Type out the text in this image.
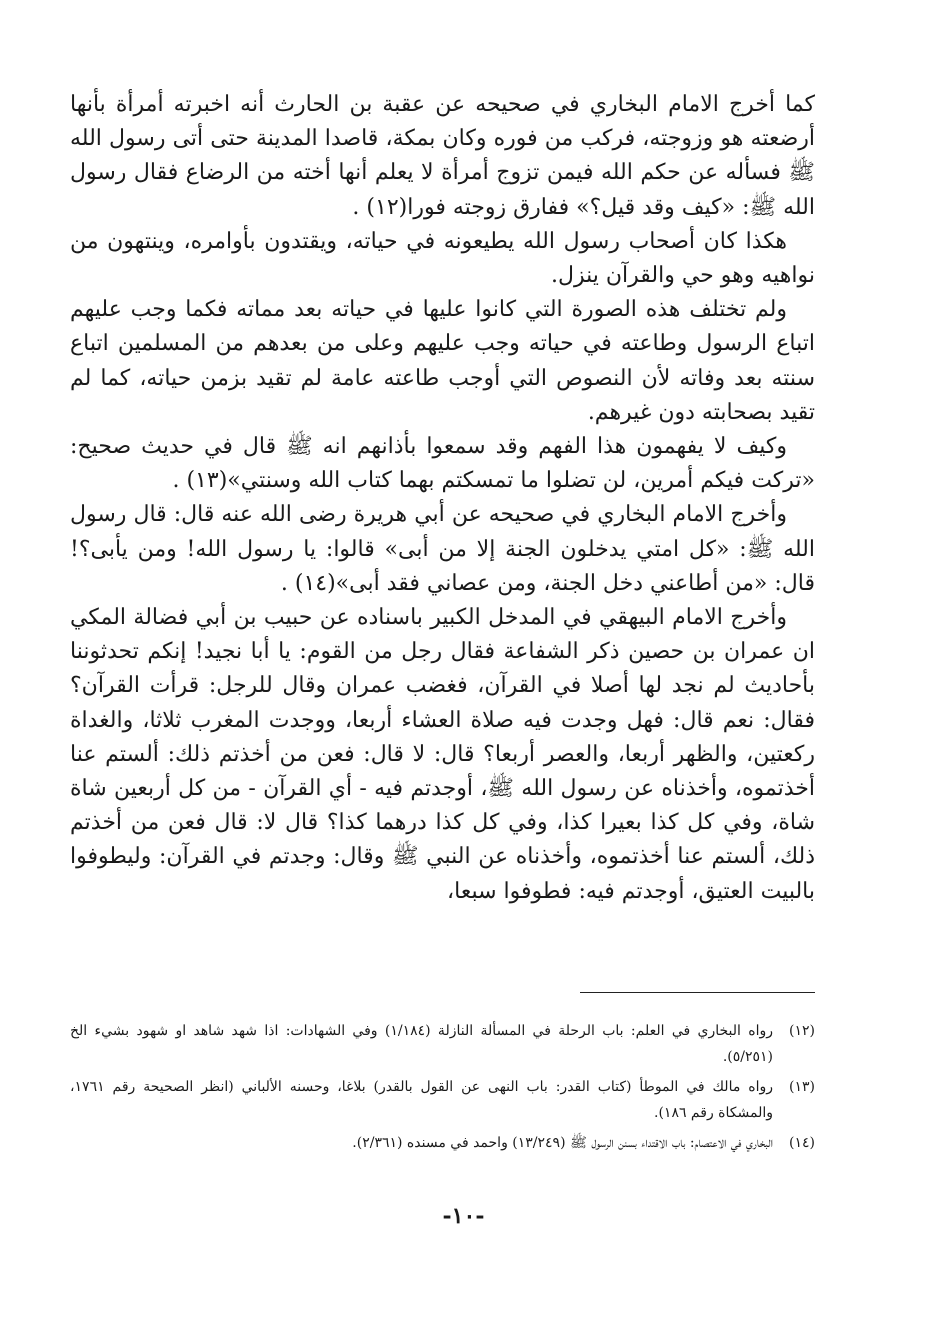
كما أخرج الامام البخاري في صحيحه عن عقبة بن الحارث أنه اخبرته أمرأة بأنها أرضعته هو وزوجته، فركب من فوره وكان بمكة، قاصدا المدينة حتى أتى رسول الله ﷺ فسأله عن حكم الله فيمن تزوج أمرأة لا يعلم أنها أخته من الرضاع فقال رسول الله ﷺ: «كيف وقد قيل؟» ففارق زوجته فورا(١٢) .

هكذا كان أصحاب رسول الله يطيعونه في حياته، ويقتدون بأوامره، وينتهون من نواهيه وهو حي والقرآن ينزل.

ولم تختلف هذه الصورة التي كانوا عليها في حياته بعد مماته فكما وجب عليهم اتباع الرسول وطاعته في حياته وجب عليهم وعلى من بعدهم من المسلمين اتباع سنته بعد وفاته لأن النصوص التي أوجب طاعته عامة لم تقيد بزمن حياته، كما لم تقيد بصحابته دون غيرهم.

وكيف لا يفهمون هذا الفهم وقد سمعوا بأذانهم انه ﷺ قال في حديث صحيح: «تركت فيكم أمرين، لن تضلوا ما تمسكتم بهما كتاب الله وسنتي»(١٣) .

وأخرج الامام البخاري في صحيحه عن أبي هريرة رضى الله عنه قال: قال رسول الله ﷺ: «كل امتي يدخلون الجنة إلا من أبى» قالوا: يا رسول الله! ومن يأبى؟! قال: «من أطاعني دخل الجنة، ومن عصاني فقد أبى»(١٤) .

وأخرج الامام البيهقي في المدخل الكبير باسناده عن حبيب بن أبي فضالة المكي ان عمران بن حصين ذكر الشفاعة فقال رجل من القوم: يا أبا نجيد! إنكم تحدثوننا بأحاديث لم نجد لها أصلا في القرآن، فغضب عمران وقال للرجل: قرأت القرآن؟ فقال: نعم قال: فهل وجدت فيه صلاة العشاء أربعا، ووجدت المغرب ثلاثا، والغداة ركعتين، والظهر أربعا، والعصر أربعا؟ قال: لا قال: فعن من أخذتم ذلك: ألستم عنا أخذتموه، وأخذناه عن رسول الله ﷺ، أوجدتم فيه - أي القرآن - من كل أربعين شاة شاة، وفي كل كذا بعيرا كذا، وفي كل كذا درهما كذا؟ قال لا: قال فعن من أخذتم ذلك، ألستم عنا أخذتموه، وأخذناه عن النبي ﷺ وقال: وجدتم في القرآن: وليطوفوا بالبيت العتيق، أوجدتم فيه: فطوفوا سبعا،

(١٢)
رواه البخاري في العلم: باب الرحلة في المسألة النازلة (١/١٨٤) وفي الشهادات: اذا شهد شاهد او شهود بشيء الخ (٥/٢٥١).
(١٣)
رواه مالك في الموطأ (كتاب القدر: باب النهى عن القول بالقدر) بلاغا، وحسنه الألباني (انظر الصحيحة رقم ١٧٦١، والمشكاة رقم ١٨٦).
(١٤)
البخاري في الاعتصام: باب الاقتداء بسنن الرسول ﷺ (١٣/٢٤٩) واحمد في مسنده (٢/٣٦١).
-١٠-
